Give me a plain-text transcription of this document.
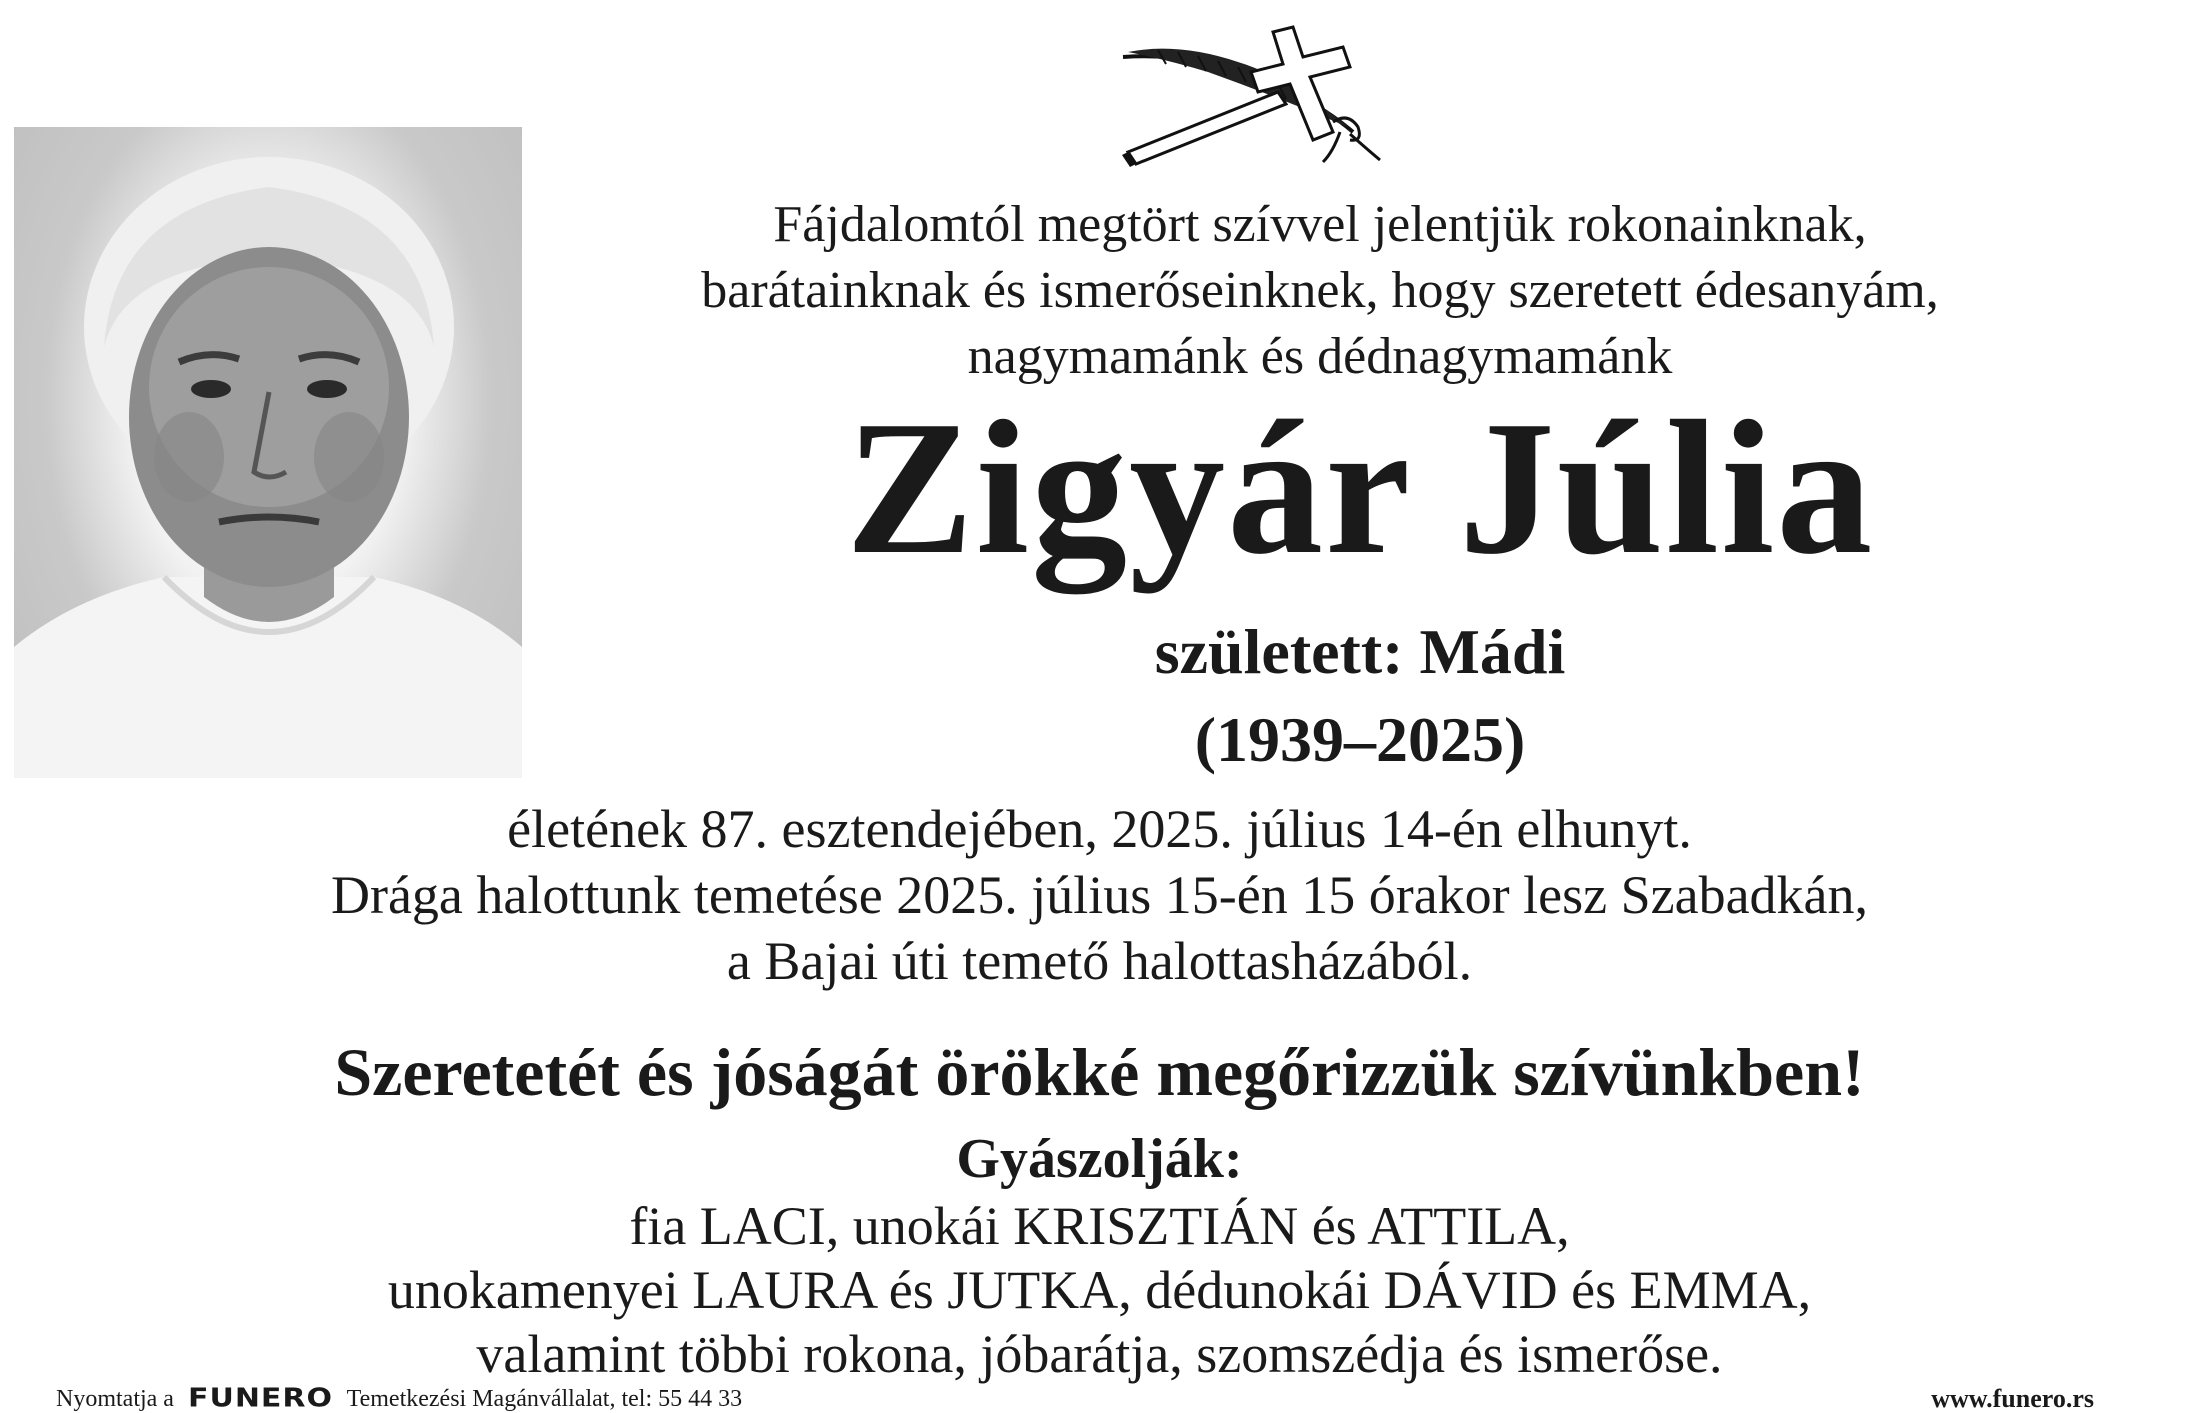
Fájdalomtól megtört szívvel jelentjük rokonainknak,
barátainknak és ismerőseinknek, hogy szeretett édesanyám,
nagymamánk és dédnagymamánk
Zigyár Júlia
született: Mádi
(1939–2025)
életének 87. esztendejében, 2025. július 14-én elhunyt.
Drága halottunk temetése 2025. július 15-én 15 órakor lesz Szabadkán,
a Bajai úti temető halottasházából.
Szeretetét és jóságát örökké megőrizzük szívünkben!
Gyászolják:
fia LACI, unokái KRISZTIÁN és ATTILA,
unokamenyei LAURA és JUTKA, dédunokái DÁVID és EMMA,
valamint többi rokona, jóbarátja, szomszédja és ismerőse.
Nyomtatja a FUNERO Temetkezési Magánvállalat, tel: 55 44 33	www.funero.rs
